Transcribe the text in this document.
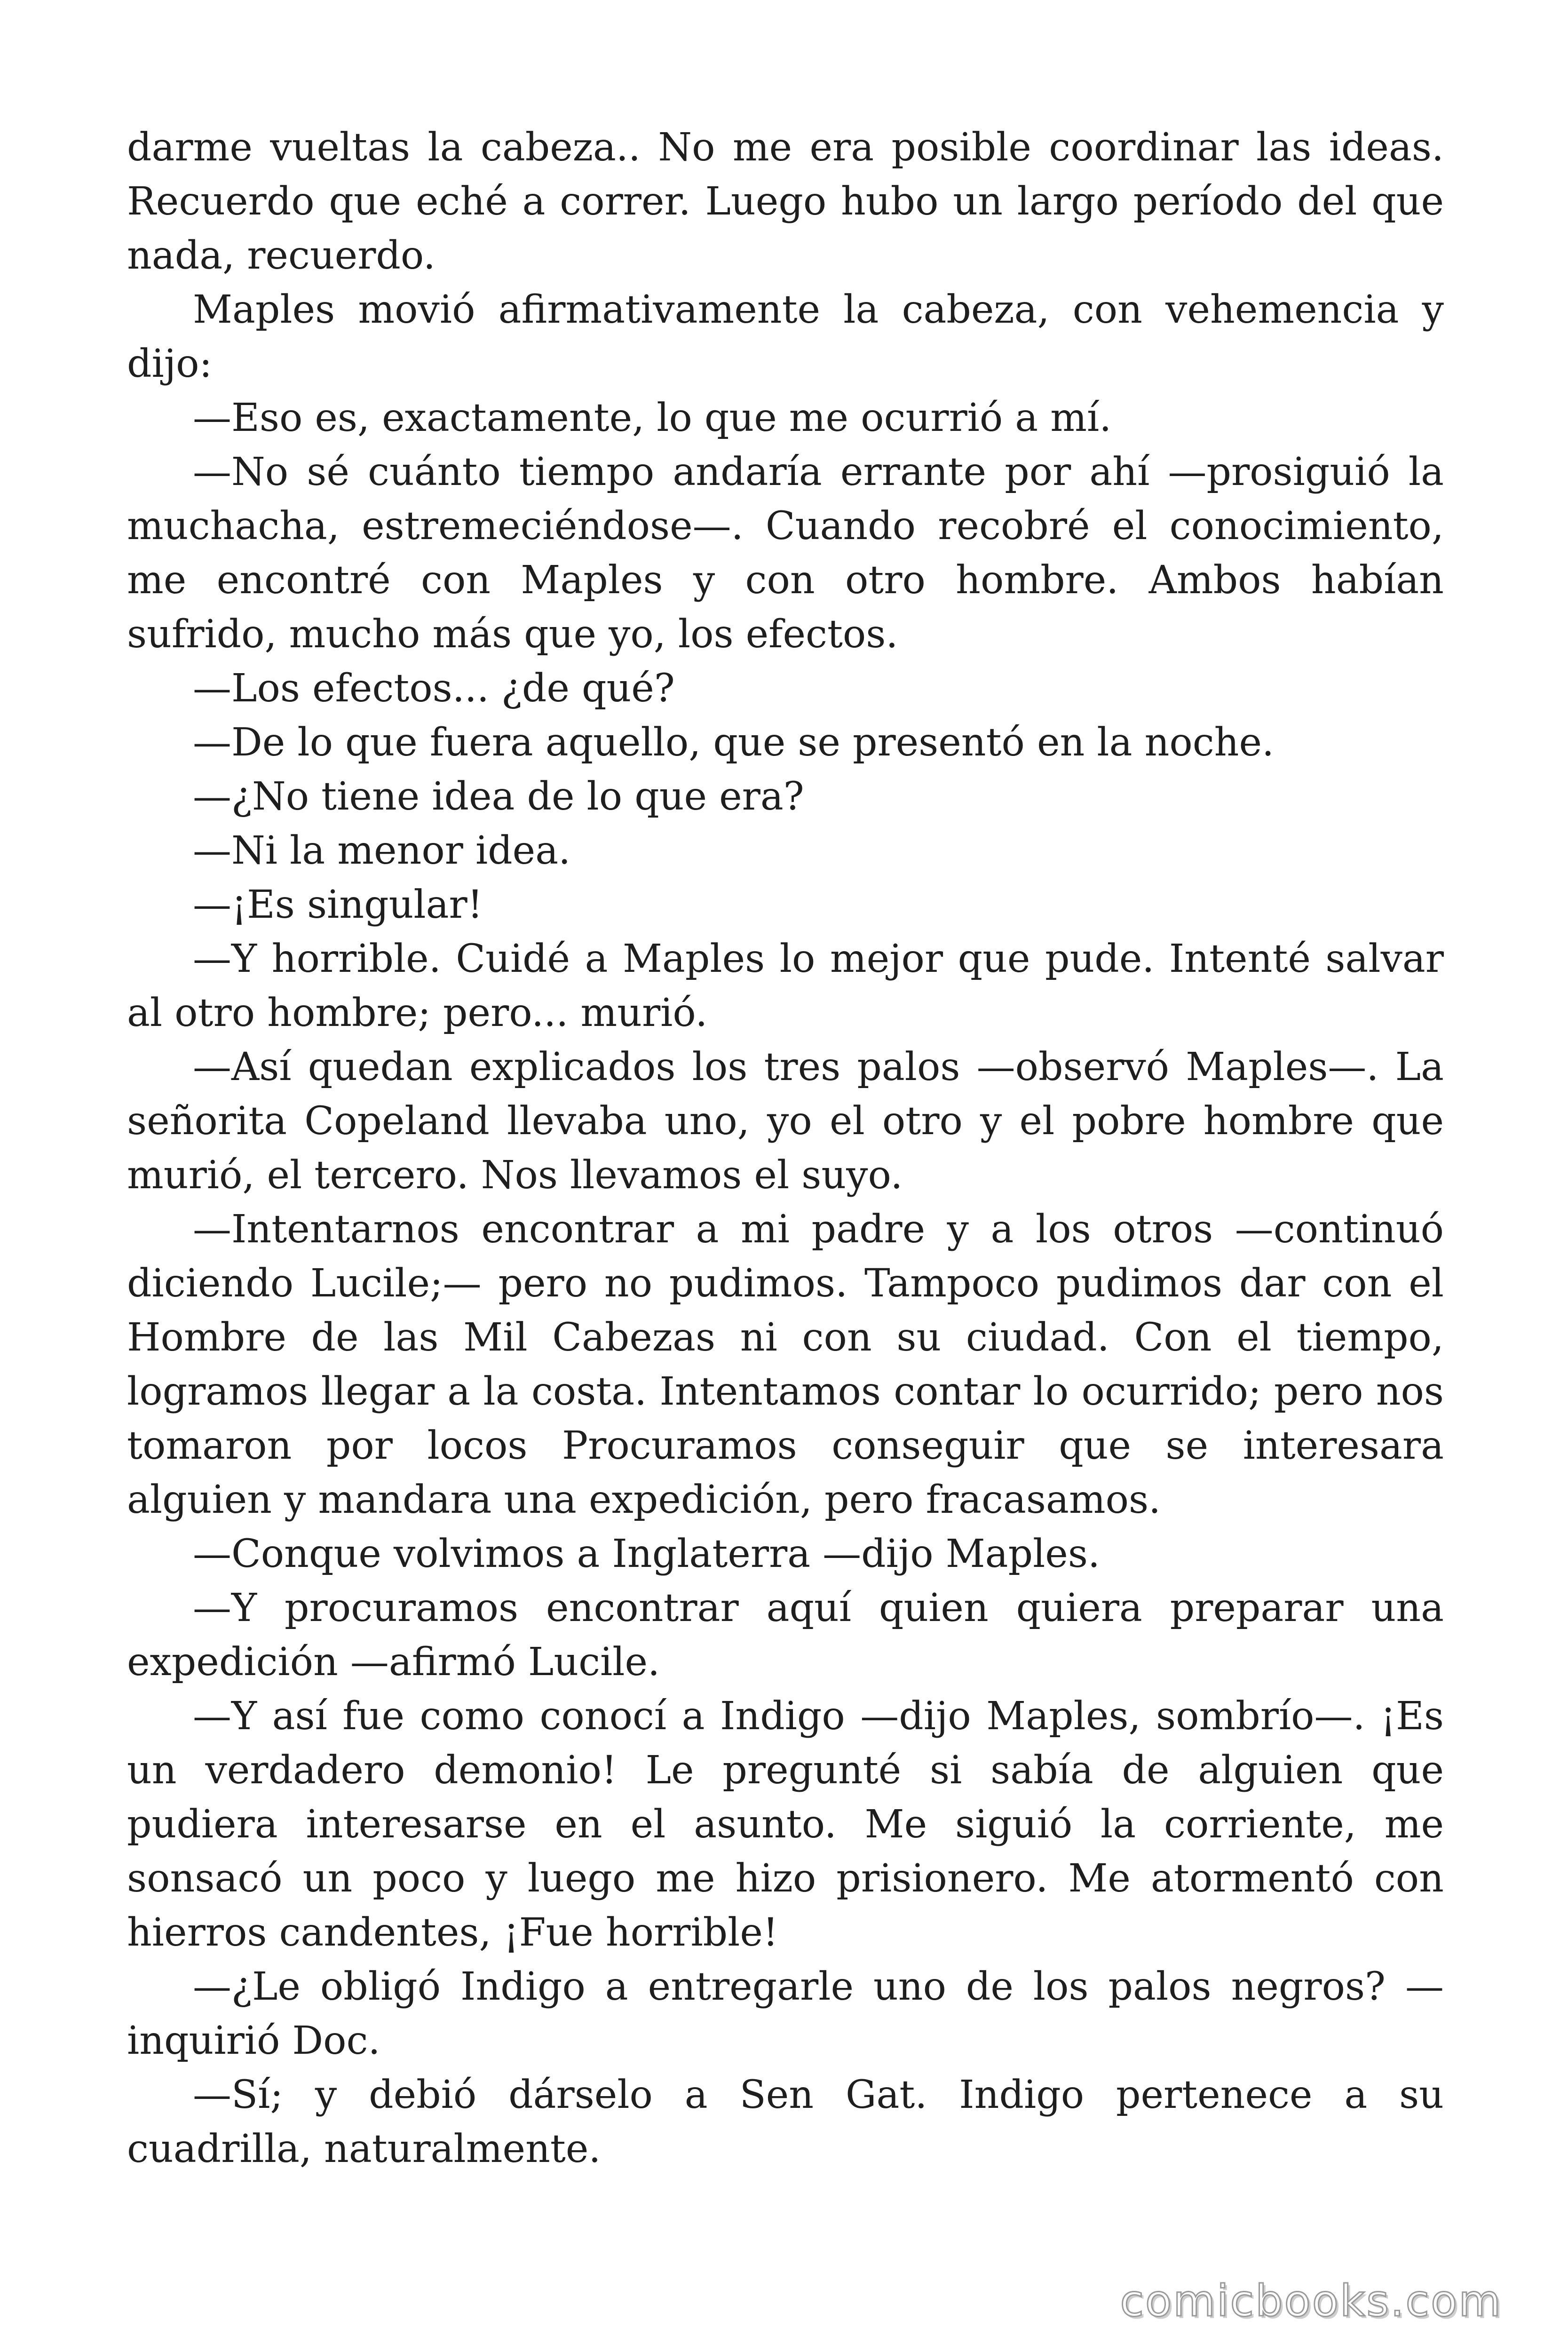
darme vueltas la cabeza.. No me era posible coordinar las ideas. Recuerdo que eché a correr. Luego hubo un largo período del que nada, recuerdo.

Maples movió afirmativamente la cabeza, con vehemencia y dijo:

—Eso es, exactamente, lo que me ocurrió a mí.

—No sé cuánto tiempo andaría errante por ahí —prosiguió la muchacha, estremeciéndose—. Cuando recobré el conocimiento, me encontré con Maples y con otro hombre. Ambos habían sufrido, mucho más que yo, los efectos.

—Los efectos... ¿de qué?

—De lo que fuera aquello, que se presentó en la noche.

—¿No tiene idea de lo que era?

—Ni la menor idea.

—¡Es singular!

—Y horrible. Cuidé a Maples lo mejor que pude. Intenté salvar al otro hombre; pero... murió.

—Así quedan explicados los tres palos —observó Maples—. La señorita Copeland llevaba uno, yo el otro y el pobre hombre que murió, el tercero. Nos llevamos el suyo.

—Intentarnos encontrar a mi padre y a los otros —continuó diciendo Lucile;— pero no pudimos. Tampoco pudimos dar con el Hombre de las Mil Cabezas ni con su ciudad. Con el tiempo, logramos llegar a la costa. Intentamos contar lo ocurrido; pero nos tomaron por locos Procuramos conseguir que se interesara alguien y mandara una expedición, pero fracasamos.

—Conque volvimos a Inglaterra —dijo Maples.

—Y procuramos encontrar aquí quien quiera preparar una expedición —afirmó Lucile.

—Y así fue como conocí a Indigo —dijo Maples, sombrío—. ¡Es un verdadero demonio! Le pregunté si sabía de alguien que pudiera interesarse en el asunto. Me siguió la corriente, me sonsacó un poco y luego me hizo prisionero. Me atormentó con hierros candentes, ¡Fue horrible!

—¿Le obligó Indigo a entregarle uno de los palos negros? —inquirió Doc.

—Sí; y debió dárselo a Sen Gat. Indigo pertenece a su cuadrilla, naturalmente.

comicbooks.com
